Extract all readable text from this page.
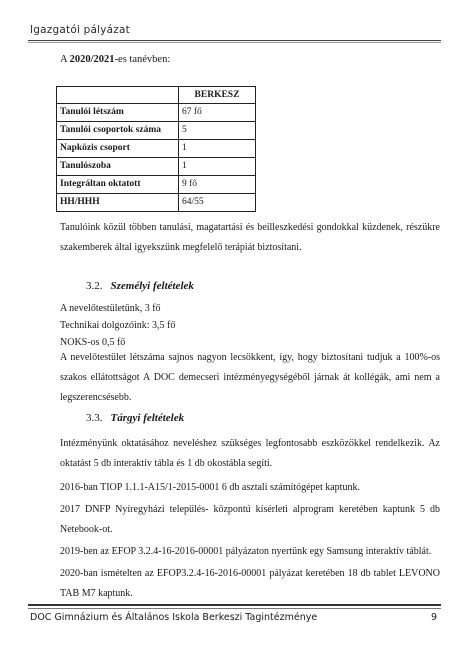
Igazgatói pályázat
A 2020/2021-es tanévben:
	BERKESZ
Tanulói létszám	67 fő
Tanulói csoportok száma	5
Napközis csoport	1
Tanulószoba	1
Integráltan oktatott	9 fő
HH/HHH	64/55
Tanulóink közül többen tanulási, magatartási és beilleszkedési gondokkal küzdenek, részükre szakemberek által igyekszünk megfelelő terápiát biztosítani.
3.2. Személyi feltételek
A nevelőtestületünk, 3 fő
Technikai dolgozóink: 3,5 fő
NOKS-os 0,5 fő
A nevelőtestület létszáma sajnos nagyon lecsökkent, így, hogy biztosítani tudjuk a 100%-os szakos ellátottságot A DOC demecseri intézményegységéből járnak át kollégák, ami nem a legszerencsésebb.
3.3. Tárgyi feltételek
Intézményünk oktatásához neveléshez szükséges legfontosabb eszközökkel rendelkezik. Az oktatást 5 db interaktív tábla és 1 db okostábla segíti.
2016-ban TIOP 1.1.1-A15/1-2015-0001 6 db asztali számítógépet kaptunk.
2017 DNFP Nyíregyházi település- központú kísérleti alprogram keretében kaptunk 5 db Netebook-ot.
2019-ben az EFOP 3.2.4-16-2016-00001 pályázaton nyertünk egy Samsung interaktív táblát.
2020-ban ismételten az EFOP3.2.4-16-2016-00001 pályázat keretében 18 db tablet LEVONO TAB M7 kaptunk.
DOC Gimnázium és Általános Iskola Berkeszi Tagintézménye	9
